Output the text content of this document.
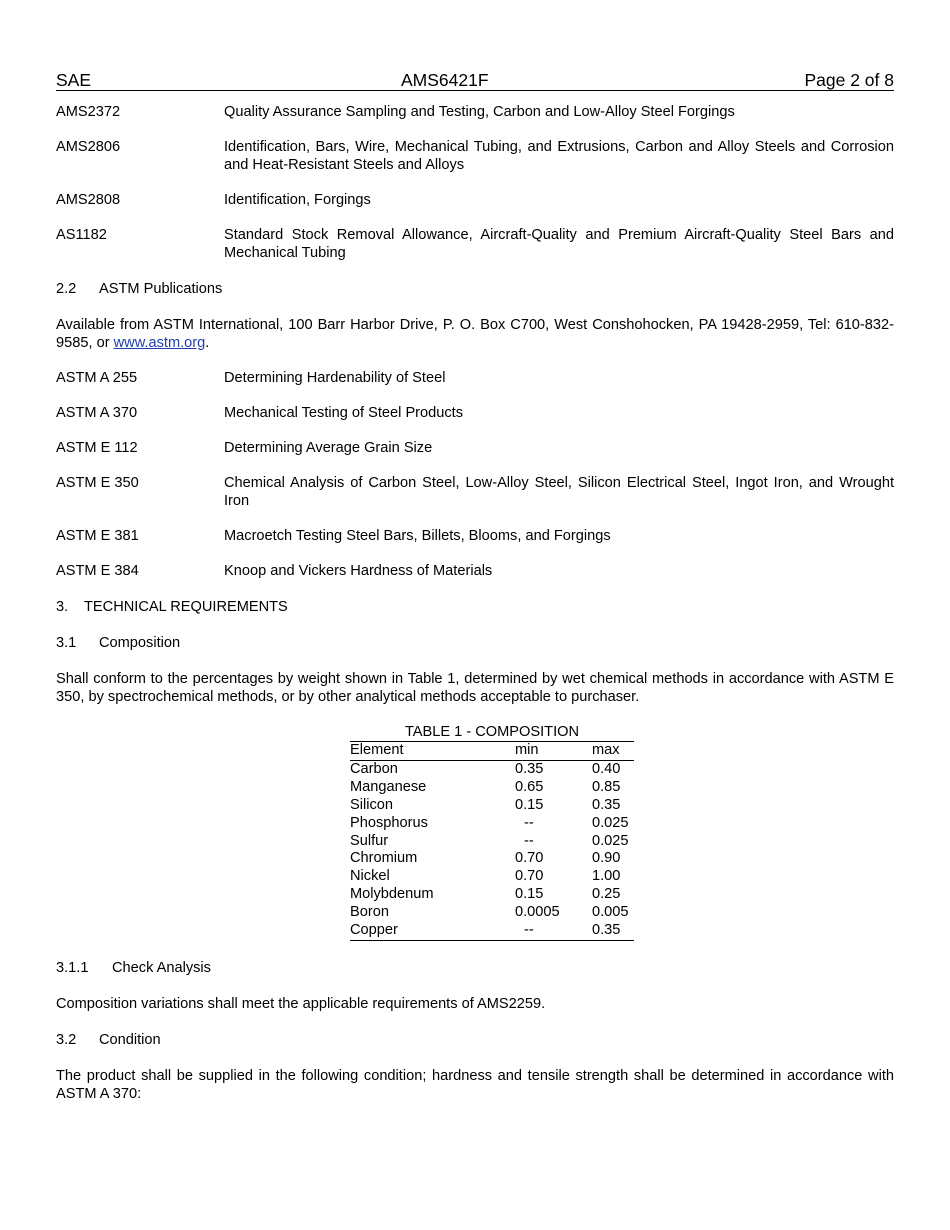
SAE	AMS6421F	Page 2 of 8
AMS2372	Quality Assurance Sampling and Testing, Carbon and Low-Alloy Steel Forgings
AMS2806	Identification, Bars, Wire, Mechanical Tubing, and Extrusions, Carbon and Alloy Steels and Corrosion and Heat-Resistant Steels and Alloys
AMS2808	Identification, Forgings
AS1182	Standard Stock Removal Allowance, Aircraft-Quality and Premium Aircraft-Quality Steel Bars and Mechanical Tubing
2.2 ASTM Publications
Available from ASTM International, 100 Barr Harbor Drive, P. O. Box C700, West Conshohocken, PA 19428-2959, Tel: 610-832-9585, or www.astm.org.
ASTM A 255	Determining Hardenability of Steel
ASTM A 370	Mechanical Testing of Steel Products
ASTM E 112	Determining Average Grain Size
ASTM E 350	Chemical Analysis of Carbon Steel, Low-Alloy Steel, Silicon Electrical Steel, Ingot Iron, and Wrought Iron
ASTM E 381	Macroetch Testing Steel Bars, Billets, Blooms, and Forgings
ASTM E 384	Knoop and Vickers Hardness of Materials
3. TECHNICAL REQUIREMENTS
3.1 Composition
Shall conform to the percentages by weight shown in Table 1, determined by wet chemical methods in accordance with ASTM E 350, by spectrochemical methods, or by other analytical methods acceptable to purchaser.
TABLE 1 - COMPOSITION
Element	min	max
Carbon	0.35	0.40
Manganese	0.65	0.85
Silicon	0.15	0.35
Phosphorus	--	0.025
Sulfur	--	0.025
Chromium	0.70	0.90
Nickel	0.70	1.00
Molybdenum	0.15	0.25
Boron	0.0005	0.005
Copper	--	0.35
3.1.1 Check Analysis
Composition variations shall meet the applicable requirements of AMS2259.
3.2 Condition
The product shall be supplied in the following condition; hardness and tensile strength shall be determined in accordance with ASTM A 370:
